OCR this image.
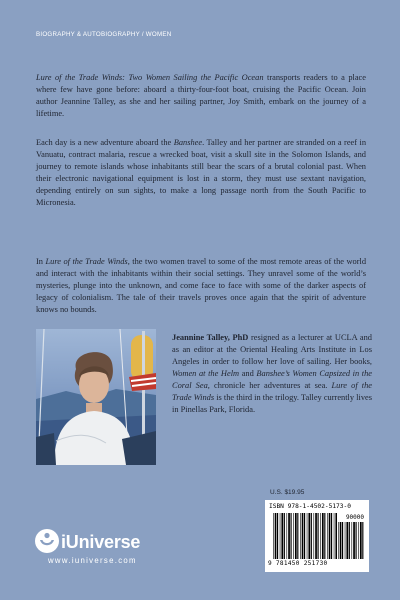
BIOGRAPHY & AUTOBIOGRAPHY / WOMEN

Lure of the Trade Winds: Two Women Sailing the Pacific Ocean transports readers to a place where few have gone before: aboard a thirty-four-foot boat, cruising the Pacific Ocean. Join author Jeannine Talley, as she and her sailing partner, Joy Smith, embark on the journey of a lifetime.

Each day is a new adventure aboard the Banshee. Talley and her partner are stranded on a reef in Vanuatu, contract malaria, rescue a wrecked boat, visit a skull site in the Solomon Islands, and journey to remote islands whose inhabitants still bear the scars of a brutal colonial past. When their electronic navigational equipment is lost in a storm, they must use sextant navigation, depending entirely on sun sights, to make a long passage north from the South Pacific to Micronesia.

In Lure of the Trade Winds, the two women travel to some of the most remote areas of the world and interact with the inhabitants within their social settings. They unravel some of the world’s mysteries, plunge into the unknown, and come face to face with some of the darker aspects of legacy of colonialism. The tale of their travels proves once again that the spirit of adventure knows no bounds.

Jeannine Talley, PhD resigned as a lecturer at UCLA and as an editor at the Oriental Healing Arts Institute in Los Angeles in order to follow her love of sailing. Her books, Women at the Helm and Banshee’s Women Capsized in the Coral Sea, chronicle her adventures at sea. Lure of the Trade Winds is the third in the trilogy. Talley currently lives in Pinellas Park, Florida.

U.S. $19.95
ISBN 978-1-4502-5173-0
90000
9 781450 251730
iUniverse
www.iuniverse.com
